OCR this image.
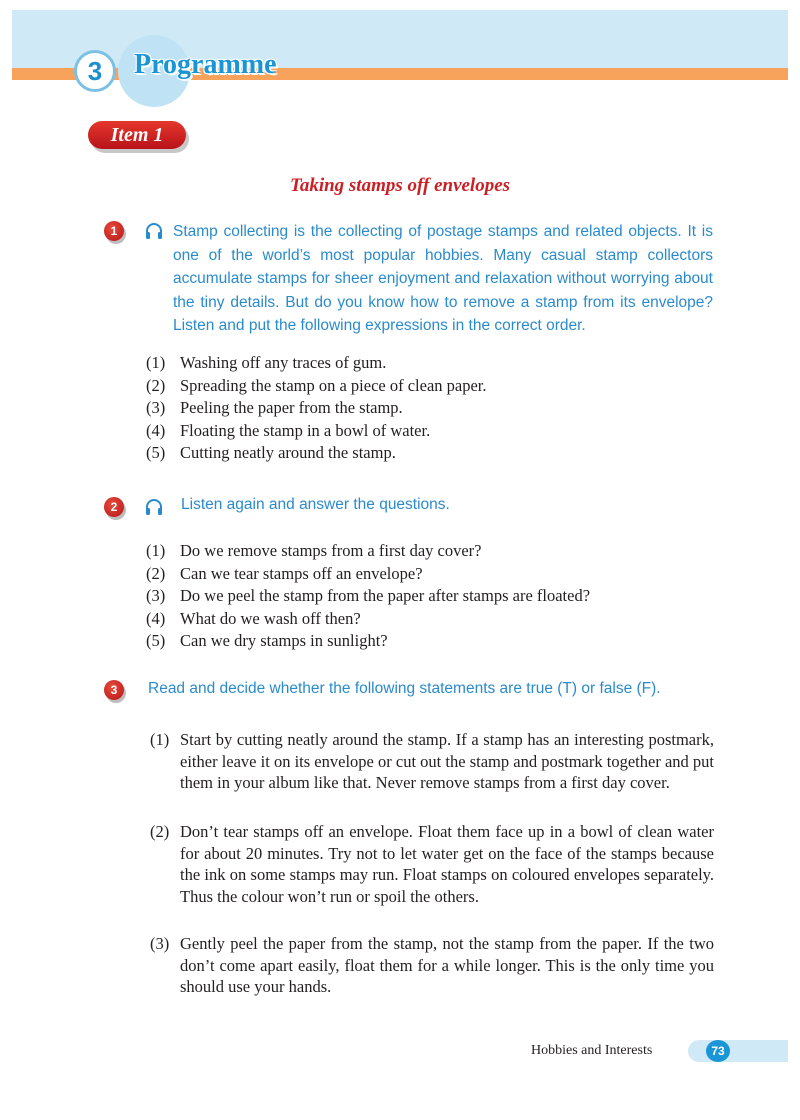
3	Programme
Item 1
Taking stamps off envelopes
1	Stamp collecting is the collecting of postage stamps and related objects. It is one of the world’s most popular hobbies. Many casual stamp collectors accumulate stamps for sheer enjoyment and relaxation without worrying about the tiny details. But do you know how to remove a stamp from its envelope? Listen and put the following expressions in the correct order.
(1) Washing off any traces of gum.
(2) Spreading the stamp on a piece of clean paper.
(3) Peeling the paper from the stamp.
(4) Floating the stamp in a bowl of water.
(5) Cutting neatly around the stamp.
2	Listen again and answer the questions.
(1) Do we remove stamps from a first day cover?
(2) Can we tear stamps off an envelope?
(3) Do we peel the stamp from the paper after stamps are floated?
(4) What do we wash off then?
(5) Can we dry stamps in sunlight?
3	Read and decide whether the following statements are true (T) or false (F).
(1) Start by cutting neatly around the stamp. If a stamp has an interesting postmark, either leave it on its envelope or cut out the stamp and postmark together and put them in your album like that. Never remove stamps from a first day cover.
(2) Don’t tear stamps off an envelope. Float them face up in a bowl of clean water for about 20 minutes. Try not to let water get on the face of the stamps because the ink on some stamps may run. Float stamps on coloured envelopes separately. Thus the colour won’t run or spoil the others.
(3) Gently peel the paper from the stamp, not the stamp from the paper. If the two don’t come apart easily, float them for a while longer. This is the only time you should use your hands.
Hobbies and Interests	73
